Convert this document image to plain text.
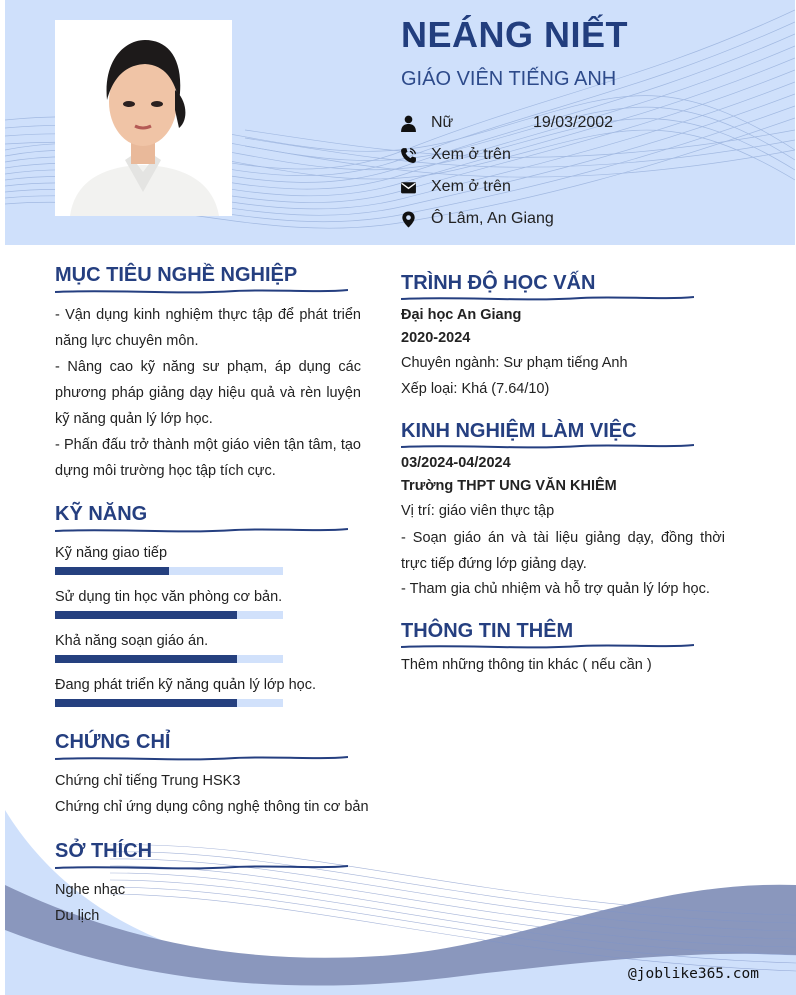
NEÁNG NIẾT
GIÁO VIÊN TIẾNG ANH
Nữ	19/03/2002
Xem ở trên
Xem ở trên
Ô Lâm, An Giang
MỤC TIÊU NGHỀ NGHIỆP
- Vận dụng kinh nghiệm thực tập để phát triển năng lực chuyên môn.
- Nâng cao kỹ năng sư phạm, áp dụng các phương pháp giảng dạy hiệu quả và rèn luyện kỹ năng quản lý lớp học.
- Phấn đấu trở thành một giáo viên tận tâm, tạo dựng môi trường học tập tích cực.
KỸ NĂNG
Kỹ năng giao tiếp
Sử dụng tin học văn phòng cơ bản.
Khả năng soạn giáo án.
Đang phát triển kỹ năng quản lý lớp học.
CHỨNG CHỈ
Chứng chỉ tiếng Trung HSK3
Chứng chỉ ứng dụng công nghệ thông tin cơ bản
SỞ THÍCH
Nghe nhạc
Du lịch
TRÌNH ĐỘ HỌC VẤN
Đại học An Giang
2020-2024
Chuyên ngành: Sư phạm tiếng Anh
Xếp loại: Khá (7.64/10)
KINH NGHIỆM LÀM VIỆC
03/2024-04/2024
Trường THPT UNG VĂN KHIÊM
Vị trí: giáo viên thực tập
- Soạn giáo án và tài liệu giảng dạy, đồng thời trực tiếp đứng lớp giảng dạy.
- Tham gia chủ nhiệm và hỗ trợ quản lý lớp học.
THÔNG TIN THÊM
Thêm những thông tin khác ( nếu cần )
@joblike365.com
